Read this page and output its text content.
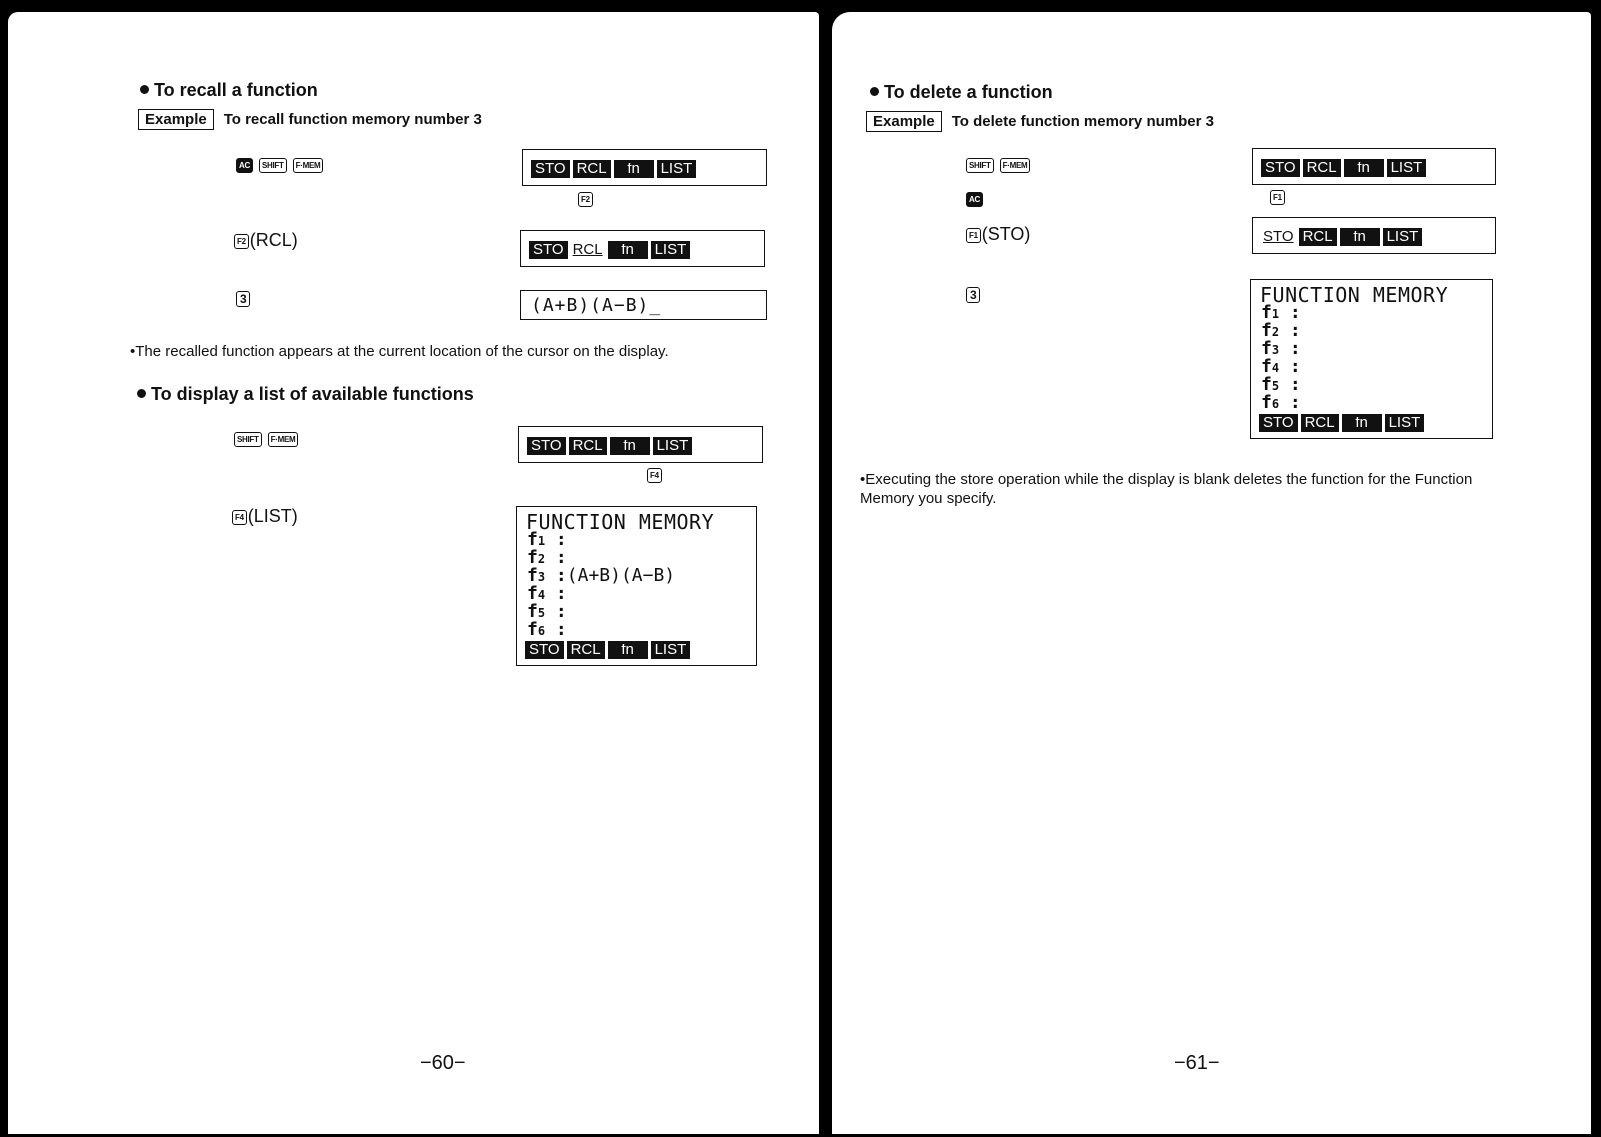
To recall a function
Example	To recall function memory number 3
AC SHIFT F·MEM	STO RCL	fn	LIST
F2
F2 (RCL)	STO RCL	fn	LIST
3	(A+B)(A−B)_
•The recalled function appears at the current location of the cursor on the display.
To display a list of available functions
SHIFT F·MEM	STO RCL	fn	LIST
F4
F4 (LIST)	FUNCTION MEMORY
f1 :
f2 :
f3 :(A+B)(A−B)
f4 :
f5 :
f6 :
STO RCL	fn	LIST
−60−
To delete a function
Example	To delete function memory number 3
SHIFT F·MEM	STO RCL	fn	LIST
AC	F1
F1 (STO)	STO RCL	fn	LIST
3	FUNCTION MEMORY
f1 :
f2 :
f3 :
f4 :
f5 :
f6 :
STO RCL	fn	LIST
•Executing the store operation while the display is blank deletes the function for the Function Memory you specify.
−61−
